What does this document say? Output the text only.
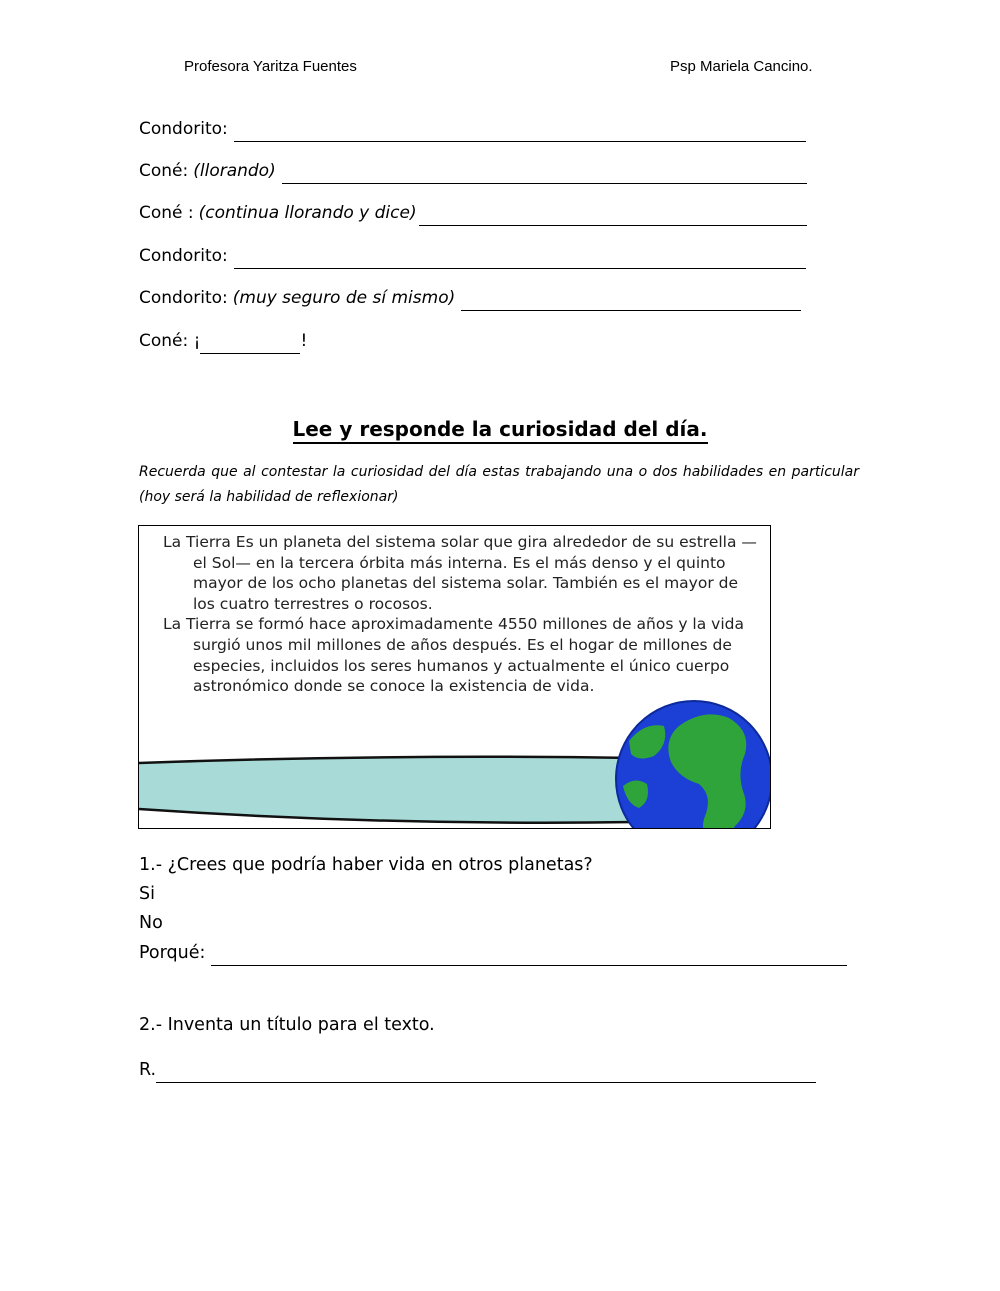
Profesora Yaritza Fuentes	Psp Mariela Cancino.
Condorito:
Coné: (llorando)
Coné : (continua llorando y dice)
Condorito:
Condorito: (muy seguro de sí mismo)
Coné: ¡	!
Lee y responde la curiosidad del día.
Recuerda que al contestar la curiosidad del día estas trabajando una o dos habilidades en particular (hoy será la habilidad de reflexionar)

La Tierra Es un planeta del sistema solar que gira alrededor de su estrella —el Sol— en la tercera órbita más interna. Es el más denso y el quinto mayor de los ocho planetas del sistema solar. También es el mayor de los cuatro terrestres o rocosos.

La Tierra se formó hace aproximadamente 4550 millones de años y la vida surgió unos mil millones de años después. Es el hogar de millones de especies, incluidos los seres humanos y actualmente el único cuerpo astronómico donde se conoce la existencia de vida.

1.- ¿Crees que podría haber vida en otros planetas?
Si
No
Porqué:
2.- Inventa un título para el texto.
R.
